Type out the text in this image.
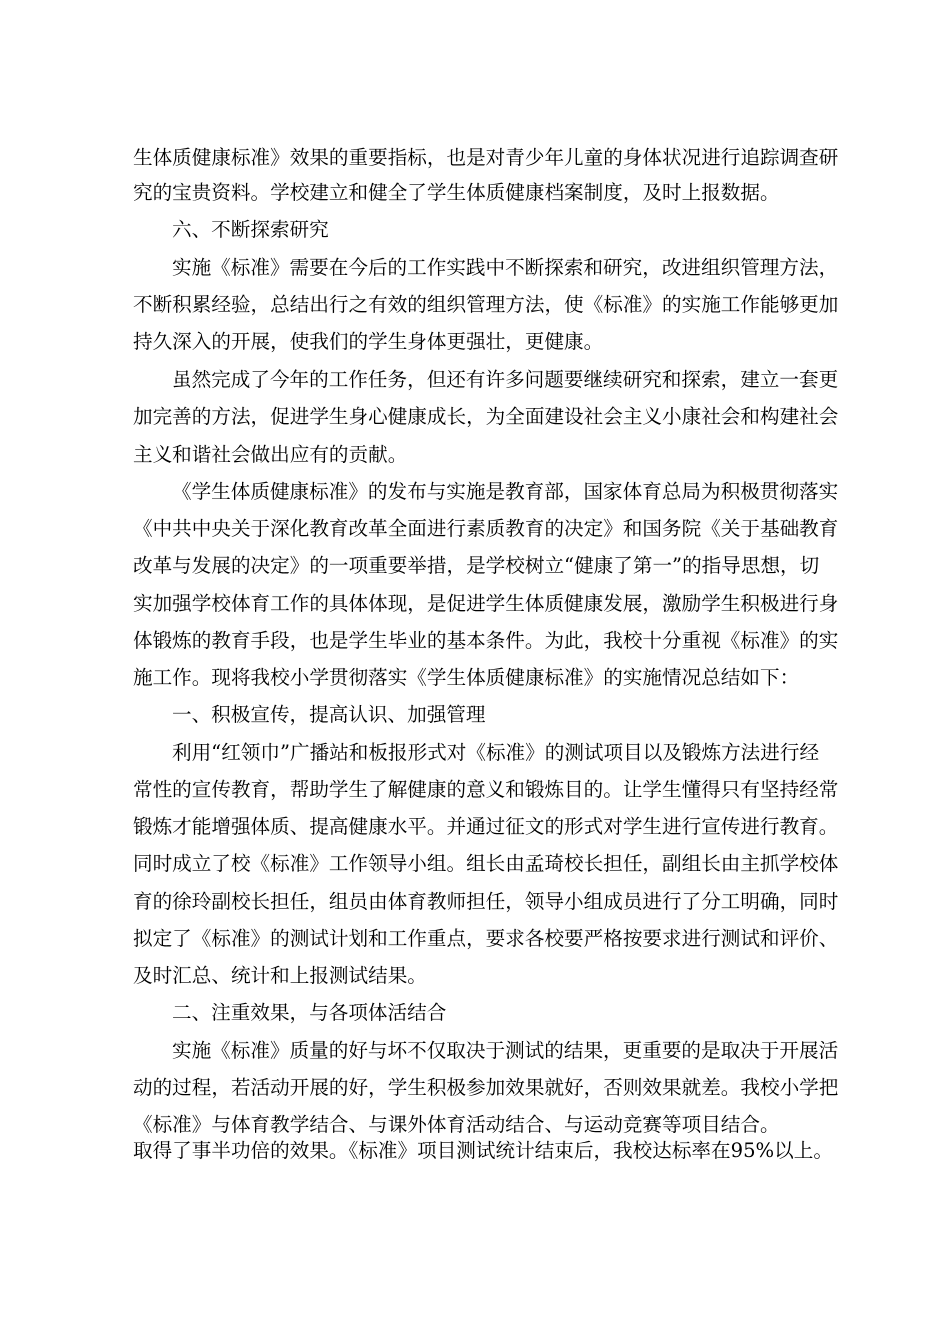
生体质健康标准》效果的重要指标，也是对青少年儿童的身体状况进行追踪调查研

究的宝贵资料。学校建立和健全了学生体质健康档案制度，及时上报数据。

六、不断探索研究

实施《标准》需要在今后的工作实践中不断探索和研究，改进组织管理方法，

不断积累经验，总结出行之有效的组织管理方法，使《标准》的实施工作能够更加

持久深入的开展，使我们的学生身体更强壮，更健康。

虽然完成了今年的工作任务，但还有许多问题要继续研究和探索，建立一套更

加完善的方法，促进学生身心健康成长，为全面建设社会主义小康社会和构建社会

主义和谐社会做出应有的贡献。

《学生体质健康标准》的发布与实施是教育部，国家体育总局为积极贯彻落实

《中共中央关于深化教育改革全面进行素质教育的决定》和国务院《关于基础教育

改革与发展的决定》的一项重要举措，是学校树立“健康了第一”的指导思想，切

实加强学校体育工作的具体体现，是促进学生体质健康发展，激励学生积极进行身

体锻炼的教育手段，也是学生毕业的基本条件。为此，我校十分重视《标准》的实

施工作。现将我校小学贯彻落实《学生体质健康标准》的实施情况总结如下：

一、积极宣传，提高认识、加强管理

利用“红领巾”广播站和板报形式对《标准》的测试项目以及锻炼方法进行经

常性的宣传教育，帮助学生了解健康的意义和锻炼目的。让学生懂得只有坚持经常

锻炼才能增强体质、提高健康水平。并通过征文的形式对学生进行宣传进行教育。

同时成立了校《标准》工作领导小组。组长由孟琦校长担任，副组长由主抓学校体

育的徐玲副校长担任，组员由体育教师担任，领导小组成员进行了分工明确，同时

拟定了《标准》的测试计划和工作重点，要求各校要严格按要求进行测试和评价、

及时汇总、统计和上报测试结果。

二、注重效果，与各项体活结合

实施《标准》质量的好与坏不仅取决于测试的结果，更重要的是取决于开展活

动的过程，若活动开展的好，学生积极参加效果就好，否则效果就差。我校小学把

《标准》与体育教学结合、与课外体育活动结合、与运动竞赛等项目结合。

取得了事半功倍的效果。《标准》项目测试统计结束后，我校达标率在95%以上。
